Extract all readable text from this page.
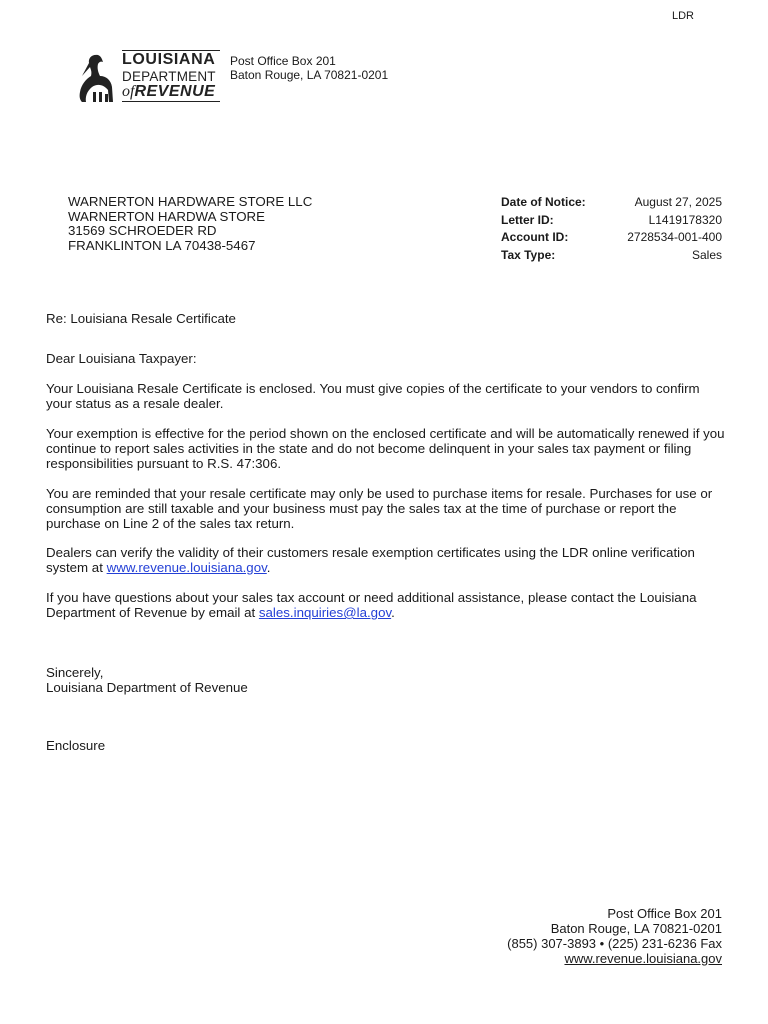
LDR
LOUISIANA
DEPARTMENT
ofREVENUE
Post Office Box 201
Baton Rouge, LA 70821-0201
WARNERTON HARDWARE STORE LLC
WARNERTON HARDWA STORE
31569 SCHROEDER RD
FRANKLINTON LA 70438-5467
Date of Notice:	August 27, 2025
Letter ID:	L1419178320
Account ID:	2728534-001-400
Tax Type:	Sales
Re: Louisiana Resale Certificate
Dear Louisiana Taxpayer:

Your Louisiana Resale Certificate is enclosed. You must give copies of the certificate to your vendors to confirm your status as a resale dealer.

Your exemption is effective for the period shown on the enclosed certificate and will be automatically renewed if you continue to report sales activities in the state and do not become delinquent in your sales tax payment or filing responsibilities pursuant to R.S. 47:306.

You are reminded that your resale certificate may only be used to purchase items for resale. Purchases for use or consumption are still taxable and your business must pay the sales tax at the time of purchase or report the purchase on Line 2 of the sales tax return.

Dealers can verify the validity of their customers resale exemption certificates using the LDR online verification system at www.revenue.louisiana.gov.

If you have questions about your sales tax account or need additional assistance, please contact the Louisiana Department of Revenue by email at sales.inquiries@la.gov.

Sincerely,
Louisiana Department of Revenue
Enclosure
Post Office Box 201
Baton Rouge, LA 70821-0201
(855) 307-3893 • (225) 231-6236 Fax
www.revenue.louisiana.gov
